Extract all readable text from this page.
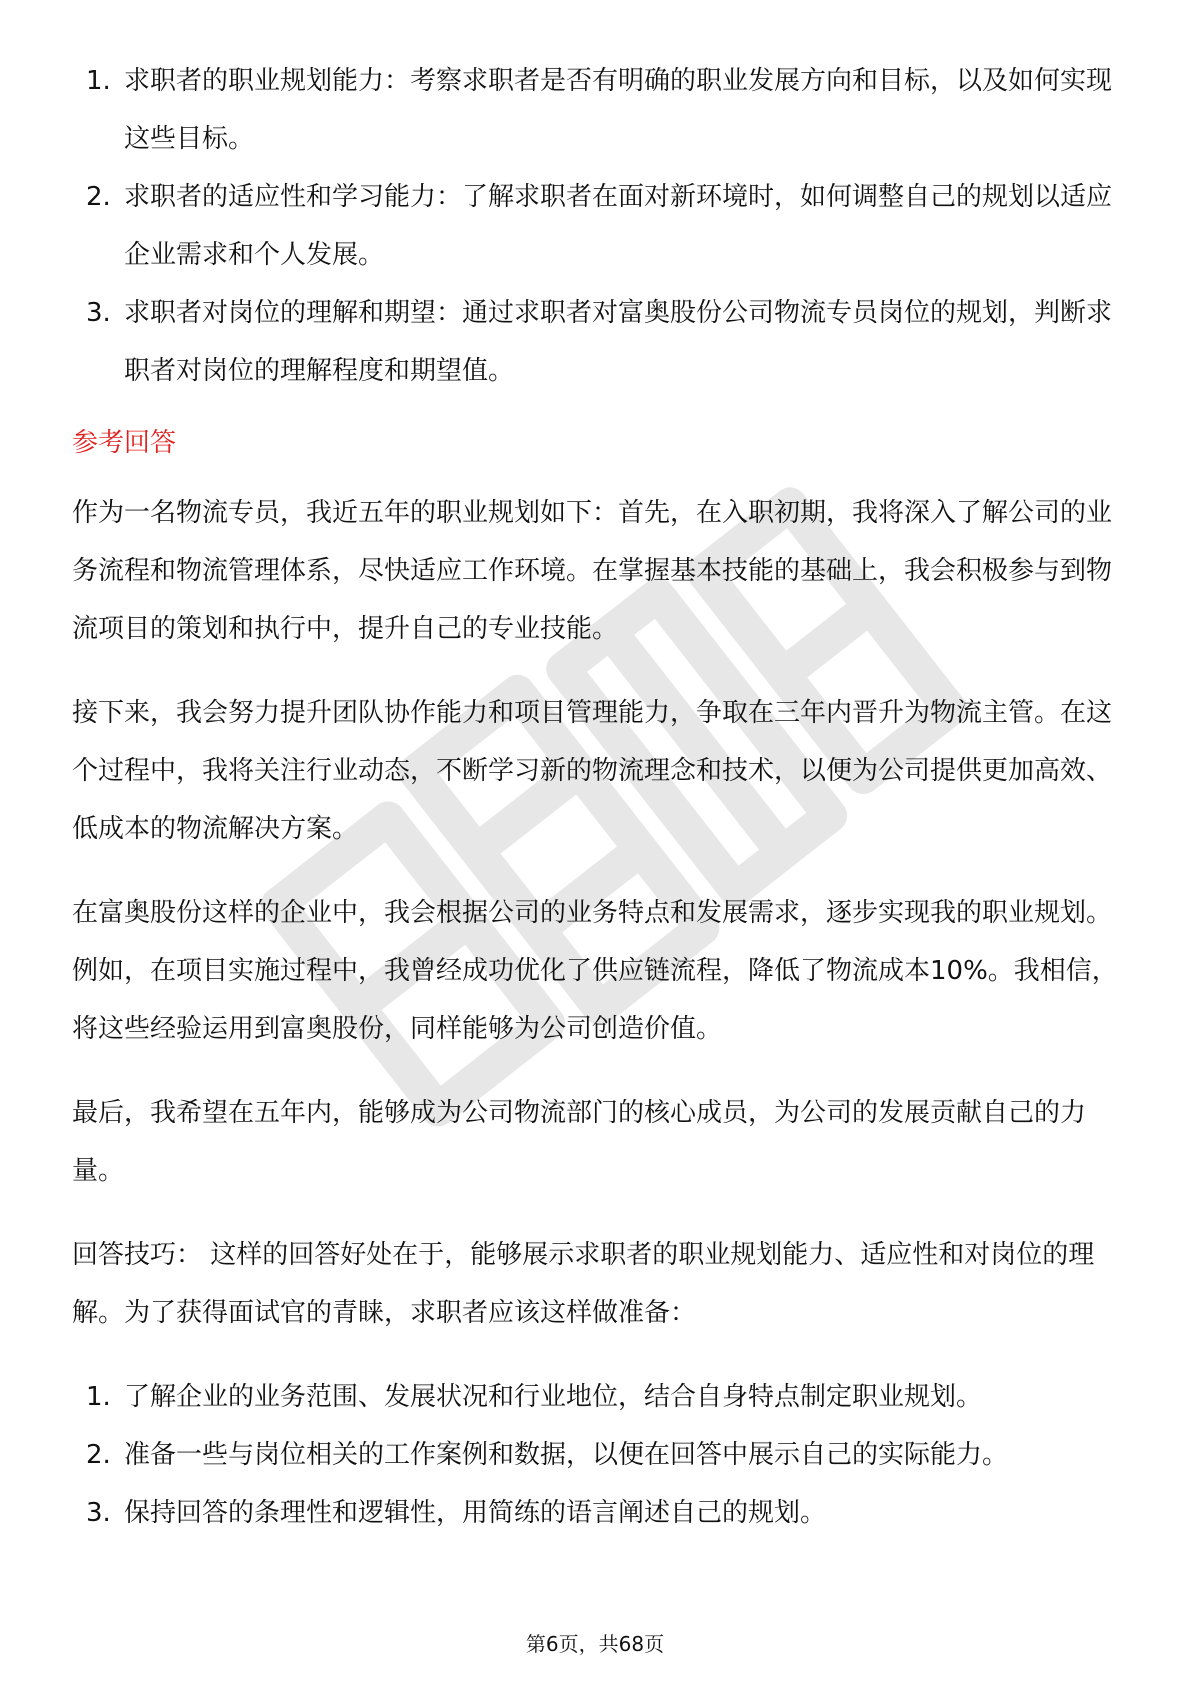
1. 求职者的职业规划能力：考察求职者是否有明确的职业发展方向和目标，以及如何实现这些目标。
2. 求职者的适应性和学习能力：了解求职者在面对新环境时，如何调整自己的规划以适应企业需求和个人发展。
3. 求职者对岗位的理解和期望：通过求职者对富奥股份公司物流专员岗位的规划，判断求职者对岗位的理解程度和期望值。
参考回答

作为一名物流专员，我近五年的职业规划如下：首先，在入职初期，我将深入了解公司的业务流程和物流管理体系，尽快适应工作环境。在掌握基本技能的基础上，我会积极参与到物流项目的策划和执行中，提升自己的专业技能。

接下来，我会努力提升团队协作能力和项目管理能力，争取在三年内晋升为物流主管。在这个过程中，我将关注行业动态，不断学习新的物流理念和技术，以便为公司提供更加高效、低成本的物流解决方案。

在富奥股份这样的企业中，我会根据公司的业务特点和发展需求，逐步实现我的职业规划。例如，在项目实施过程中，我曾经成功优化了供应链流程，降低了物流成本10%。我相信，将这些经验运用到富奥股份，同样能够为公司创造价值。

最后，我希望在五年内，能够成为公司物流部门的核心成员，为公司的发展贡献自己的力量。

回答技巧： 这样的回答好处在于，能够展示求职者的职业规划能力、适应性和对岗位的理解。为了获得面试官的青睐，求职者应该这样做准备：

1. 了解企业的业务范围、发展状况和行业地位，结合自身特点制定职业规划。
2. 准备一些与岗位相关的工作案例和数据，以便在回答中展示自己的实际能力。
3. 保持回答的条理性和逻辑性，用简练的语言阐述自己的规划。
第6页，共68页
